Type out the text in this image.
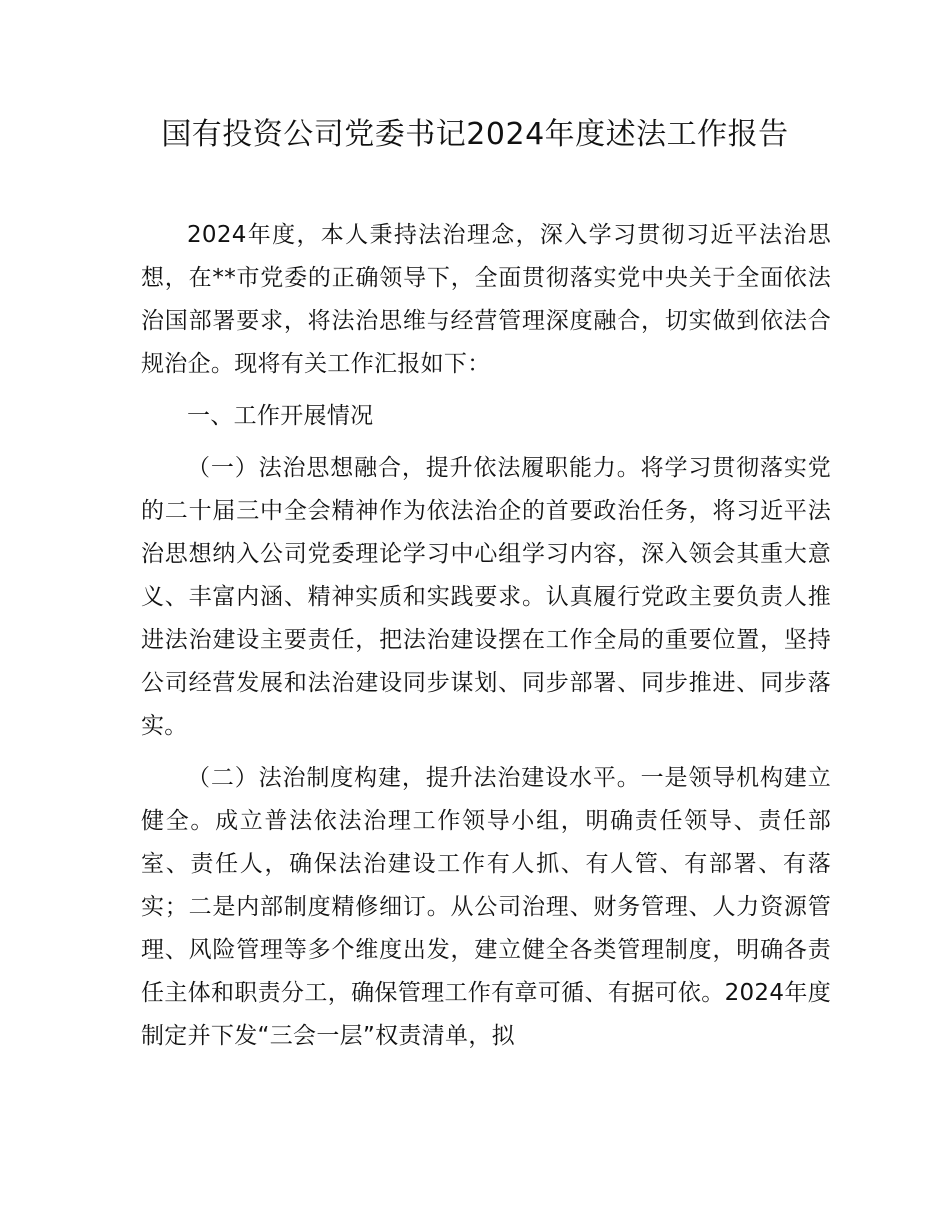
国有投资公司党委书记2024年度述法工作报告

2024年度，本人秉持法治理念，深入学习贯彻习近平法治思想，在**市党委的正确领导下，全面贯彻落实党中央关于全面依法治国部署要求，将法治思维与经营管理深度融合，切实做到依法合规治企。现将有关工作汇报如下：

一、工作开展情况

（一）法治思想融合，提升依法履职能力。将学习贯彻落实党的二十届三中全会精神作为依法治企的首要政治任务，将习近平法治思想纳入公司党委理论学习中心组学习内容，深入领会其重大意义、丰富内涵、精神实质和实践要求。认真履行党政主要负责人推进法治建设主要责任，把法治建设摆在工作全局的重要位置，坚持公司经营发展和法治建设同步谋划、同步部署、同步推进、同步落实。

（二）法治制度构建，提升法治建设水平。一是领导机构建立健全。成立普法依法治理工作领导小组，明确责任领导、责任部室、责任人，确保法治建设工作有人抓、有人管、有部署、有落实；二是内部制度精修细订。从公司治理、财务管理、人力资源管理、风险管理等多个维度出发，建立健全各类管理制度，明确各责任主体和职责分工，确保管理工作有章可循、有据可依。2024年度制定并下发“三会一层”权责清单，拟
